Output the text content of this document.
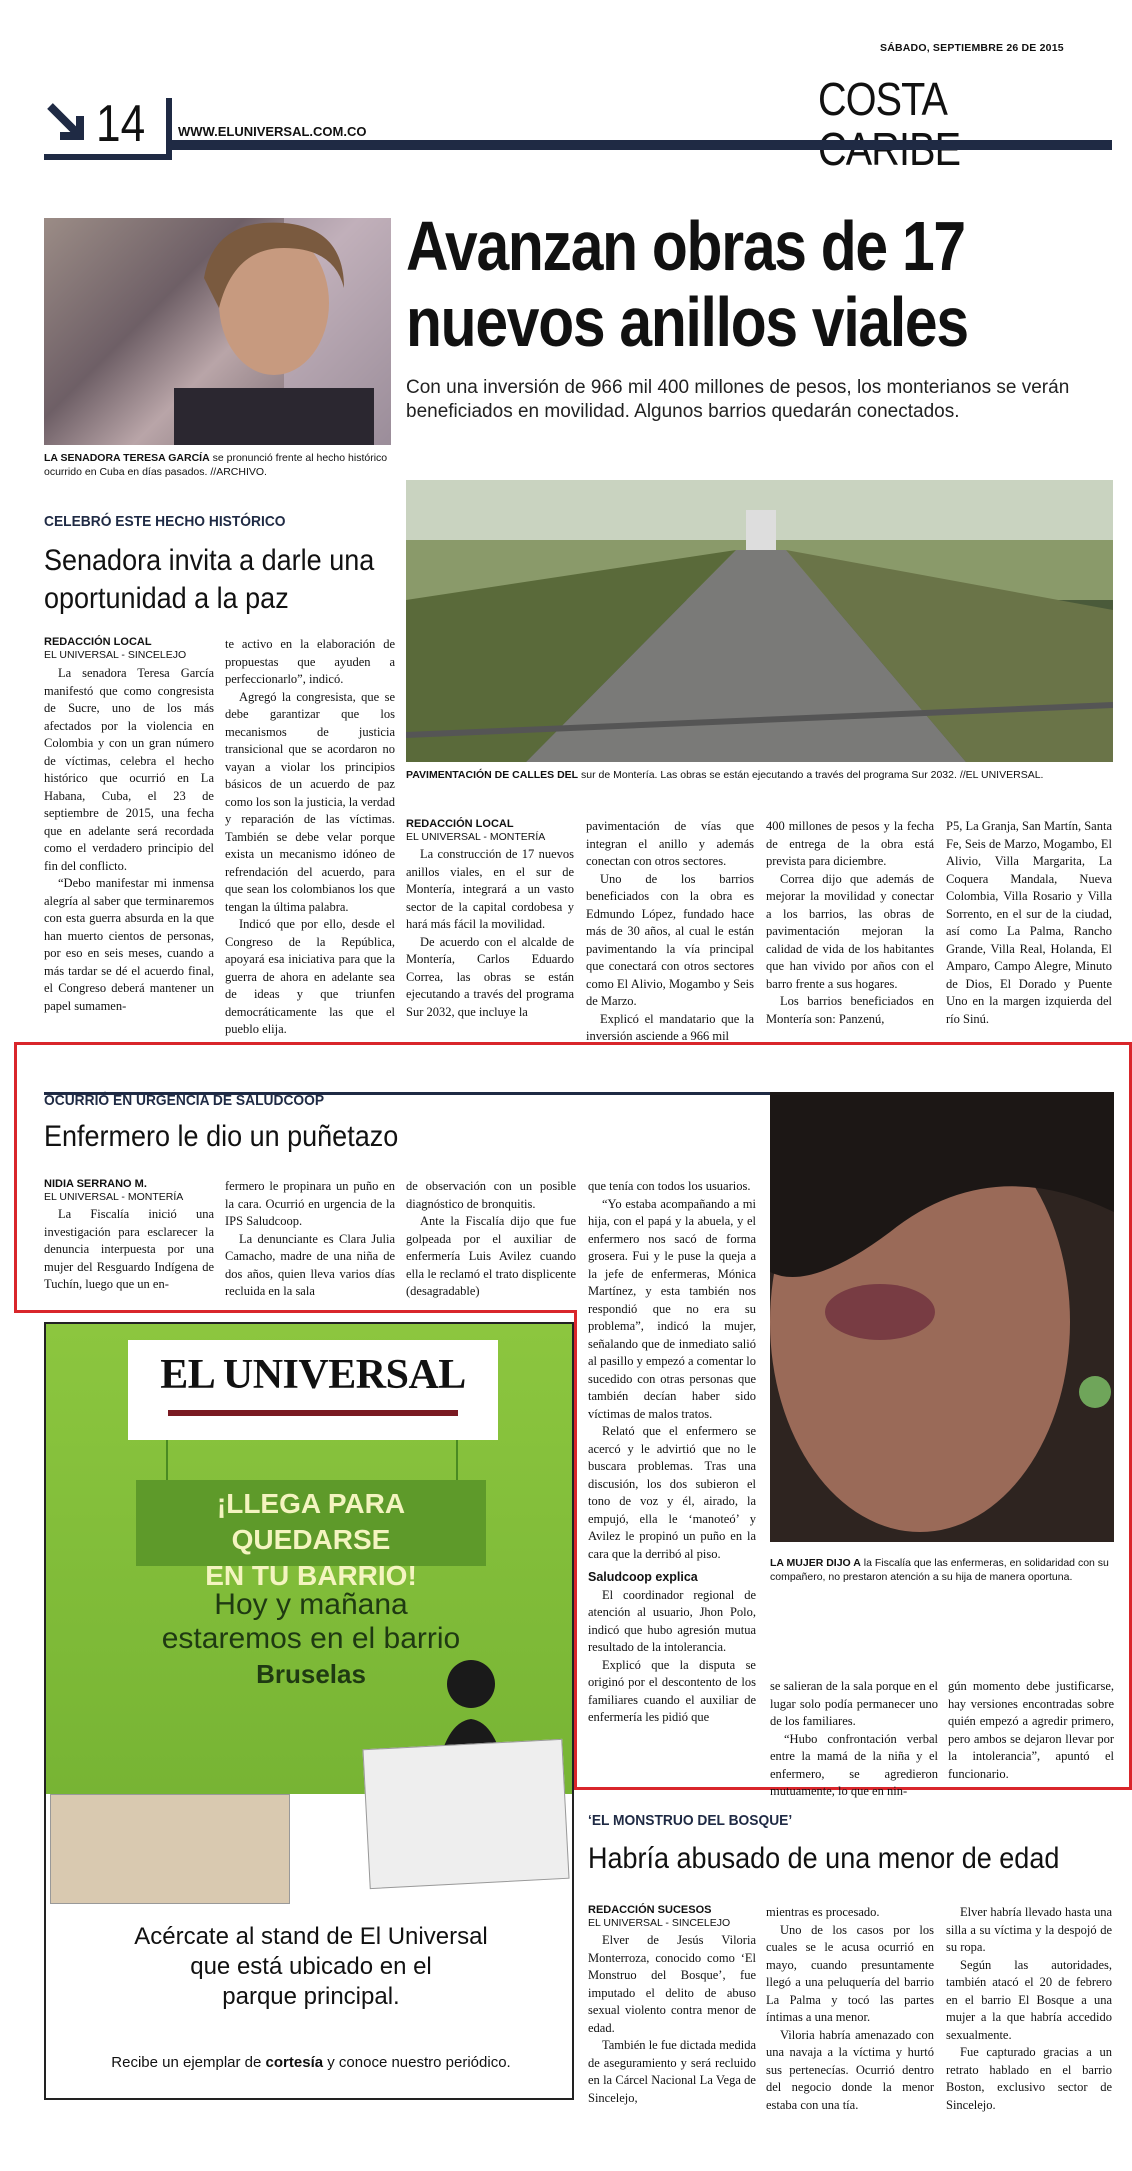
SÁBADO, SEPTIEMBRE 26 DE 2015
COSTA
14	WWW.ELUNIVERSAL.COM.CO
LA SENADORA TERESA GARCÍA se pronunció frente al hecho histórico ocurrido en Cuba en días pasados. //ARCHIVO.
Avanzan obras de 17 nuevos anillos viales
Con una inversión de 966 mil 400 millones de pesos, los monterianos se verán beneficiados en movilidad. Algunos barrios quedarán conectados.
PAVIMENTACIÓN DE CALLES DEL sur de Montería. Las obras se están ejecutando a través del programa Sur 2032. //EL UNIVERSAL.
CELEBRÓ ESTE HECHO HISTÓRICO
Senadora invita a darle una oportunidad a la paz
REDACCIÓN LOCAL
EL UNIVERSAL - SINCELEJO

La senadora Teresa García manifestó que como congresista de Sucre, uno de los más afectados por la violencia en Colombia y con un gran número de víctimas, celebra el hecho histórico que ocurrió en La Habana, Cuba, el 23 de septiembre de 2015, una fecha que en adelante será recordada como el verdadero principio del fin del conflicto.

“Debo manifestar mi inmensa alegría al saber que terminaremos con esta guerra absurda en la que han muerto cientos de personas, por eso en seis meses, cuando a más tardar se dé el acuerdo final, el Congreso deberá mantener un papel sumamen-

te activo en la elaboración de propuestas que ayuden a perfeccionarlo”, indicó.

Agregó la congresista, que se debe garantizar que los mecanismos de justicia transicional que se acordaron no vayan a violar los principios básicos de un acuerdo de paz como los son la justicia, la verdad y reparación de las víctimas. También se debe velar porque exista un mecanismo idóneo de refrendación del acuerdo, para que sean los colombianos los que tengan la última palabra.

Indicó que por ello, desde el Congreso de la República, apoyará esa iniciativa para que la guerra de ahora en adelante sea de ideas y que triunfen democráticamente las que el pueblo elija.

REDACCIÓN LOCAL
EL UNIVERSAL - MONTERÍA

La construcción de 17 nuevos anillos viales, en el sur de Montería, integrará a un vasto sector de la capital cordobesa y hará más fácil la movilidad.

De acuerdo con el alcalde de Montería, Carlos Eduardo Correa, las obras se están ejecutando a través del programa Sur 2032, que incluye la

pavimentación de vías que integran el anillo y además conectan con otros sectores.

Uno de los barrios beneficiados con la obra es Edmundo López, fundado hace más de 30 años, al cual le están pavimentando la vía principal que conectará con otros sectores como El Alivio, Mogambo y Seis de Marzo.

Explicó el mandatario que la inversión asciende a 966 mil

400 millones de pesos y la fecha de entrega de la obra está prevista para diciembre.

Correa dijo que además de mejorar la movilidad y conectar a los barrios, las obras de pavimentación mejoran la calidad de vida de los habitantes que han vivido por años con el barro frente a sus hogares.

Los barrios beneficiados en Montería son: Panzenú,

P5, La Granja, San Martín, Santa Fe, Seis de Marzo, Mogambo, El Alivio, Villa Margarita, La Coquera Mandala, Nueva Colombia, Villa Rosario y Villa Sorrento, en el sur de la ciudad, así como La Palma, Rancho Grande, Villa Real, Holanda, El Amparo, Campo Alegre, Minuto de Dios, El Dorado y Puente Uno en la margen izquierda del río Sinú.

OCURRIÓ EN URGENCIA DE SALUDCOOP
Enfermero le dio un puñetazo
NIDIA SERRANO M.
EL UNIVERSAL - MONTERÍA

La Fiscalía inició una investigación para esclarecer la denuncia interpuesta por una mujer del Resguardo Indígena de Tuchín, luego que un en-

fermero le propinara un puño en la cara. Ocurrió en urgencia de la IPS Saludcoop.

La denunciante es Clara Julia Camacho, madre de una niña de dos años, quien lleva varios días recluida en la sala

de observación con un posible diagnóstico de bronquitis.

Ante la Fiscalía dijo que fue golpeada por el auxiliar de enfermería Luis Avilez cuando ella le reclamó el trato displicente (desagradable)

que tenía con todos los usuarios.

“Yo estaba acompañando a mi hija, con el papá y la abuela, y el enfermero nos sacó de forma grosera. Fui y le puse la queja a la jefe de enfermeras, Mónica Martínez, y esta también nos respondió que no era su problema”, indicó la mujer, señalando que de inmediato salió al pasillo y empezó a comentar lo sucedido con otras personas que también decían haber sido víctimas de malos tratos.

Relató que el enfermero se acercó y le advirtió que no le buscara problemas. Tras una discusión, los dos subieron el tono de voz y él, airado, la empujó, ella le ‘manoteó’ y Avilez le propinó un puño en la cara que la derribó al piso.

Saludcoop explica

El coordinador regional de atención al usuario, Jhon Polo, indicó que hubo agresión mutua resultado de la intolerancia.

Explicó que la disputa se originó por el descontento de los familiares cuando el auxiliar de enfermería les pidió que

LA MUJER DIJO A la Fiscalía que las enfermeras, en solidaridad con su compañero, no prestaron atención a su hija de manera oportuna.

se salieran de la sala porque en el lugar solo podía permanecer uno de los familiares.

“Hubo confrontación verbal entre la mamá de la niña y el enfermero, se agredieron mutuamente, lo que en nin-

gún momento debe justificarse, hay versiones encontradas sobre quién empezó a agredir primero, pero ambos se dejaron llevar por la intolerancia”, apuntó el funcionario.

EL UNIVERSAL
¡LLEGA PARA QUEDARSE
EN TU BARRIO!
Hoy y mañana
estaremos en el barrio
Bruselas
Acércate al stand de El Universal
que está ubicado en el
parque principal.
Recibe un ejemplar de cortesía y conoce nuestro periódico.
‘EL MONSTRUO DEL BOSQUE’
Habría abusado de una menor de edad
REDACCIÓN SUCESOS
EL UNIVERSAL - SINCELEJO

Elver de Jesús Viloria Monterroza, conocido como ‘El Monstruo del Bosque’, fue imputado el delito de abuso sexual violento contra menor de edad.

También le fue dictada medida de aseguramiento y será recluido en la Cárcel Nacional La Vega de Sincelejo,

mientras es procesado.

Uno de los casos por los cuales se le acusa ocurrió en mayo, cuando presuntamente llegó a una peluquería del barrio La Palma y tocó las partes íntimas a una menor.

Viloria habría amenazado con una navaja a la víctima y hurtó sus pertenecías. Ocurrió dentro del negocio donde la menor estaba con una tía.

Elver habría llevado hasta una silla a su víctima y la despojó de su ropa.

Según las autoridades, también atacó el 20 de febrero en el barrio El Bosque a una mujer a la que habría accedido sexualmente.

Fue capturado gracias a un retrato hablado en el barrio Boston, exclusivo sector de Sincelejo.
